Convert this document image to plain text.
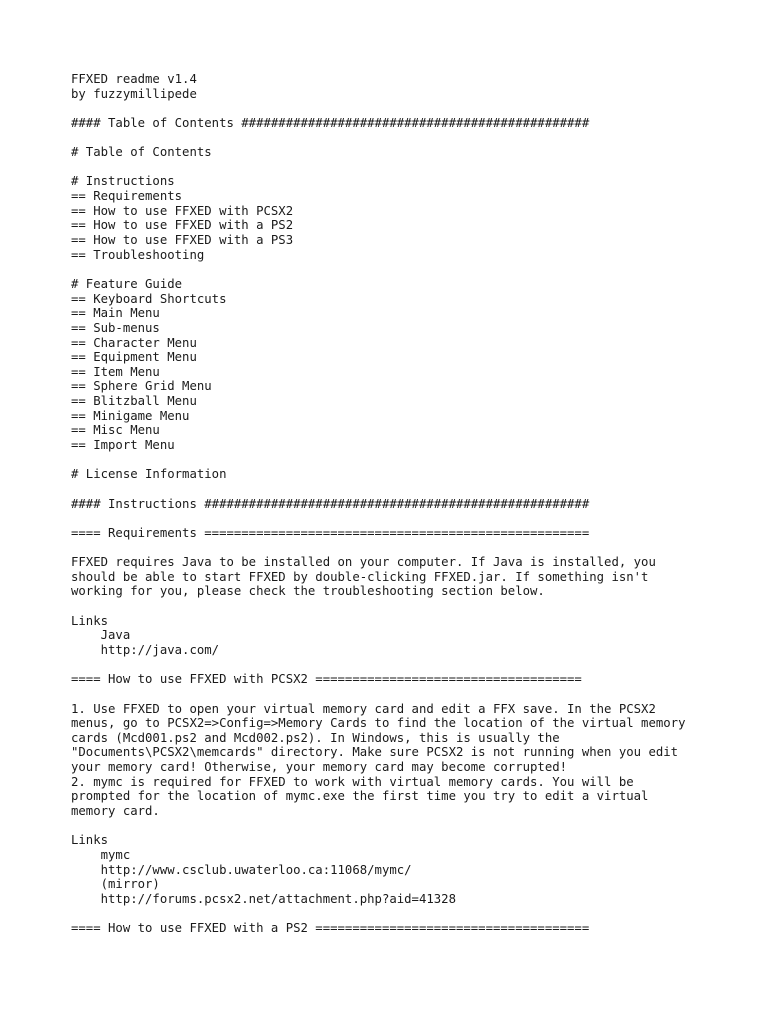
FFXED readme v1.4
by fuzzymillipede
#### Table of Contents ###############################################
# Table of Contents
# Instructions
== Requirements
== How to use FFXED with PCSX2
== How to use FFXED with a PS2
== How to use FFXED with a PS3
== Troubleshooting
# Feature Guide
== Keyboard Shortcuts
== Main Menu
== Sub-menus
== Character Menu
== Equipment Menu
== Item Menu
== Sphere Grid Menu
== Blitzball Menu
== Minigame Menu
== Misc Menu
== Import Menu
# License Information
#### Instructions ####################################################
==== Requirements ====================================================
FFXED requires Java to be installed on your computer. If Java is installed, you
should be able to start FFXED by double-clicking FFXED.jar. If something isn't
working for you, please check the troubleshooting section below.
Links
Java
http://java.com/
==== How to use FFXED with PCSX2 ====================================
1. Use FFXED to open your virtual memory card and edit a FFX save. In the PCSX2
menus, go to PCSX2=>Config=>Memory Cards to find the location of the virtual memory
cards (Mcd001.ps2 and Mcd002.ps2). In Windows, this is usually the
"Documents\PCSX2\memcards" directory. Make sure PCSX2 is not running when you edit
your memory card! Otherwise, your memory card may become corrupted!
2. mymc is required for FFXED to work with virtual memory cards. You will be
prompted for the location of mymc.exe the first time you try to edit a virtual
memory card.
Links
mymc
http://www.csclub.uwaterloo.ca:11068/mymc/
(mirror)
http://forums.pcsx2.net/attachment.php?aid=41328
==== How to use FFXED with a PS2 =====================================
